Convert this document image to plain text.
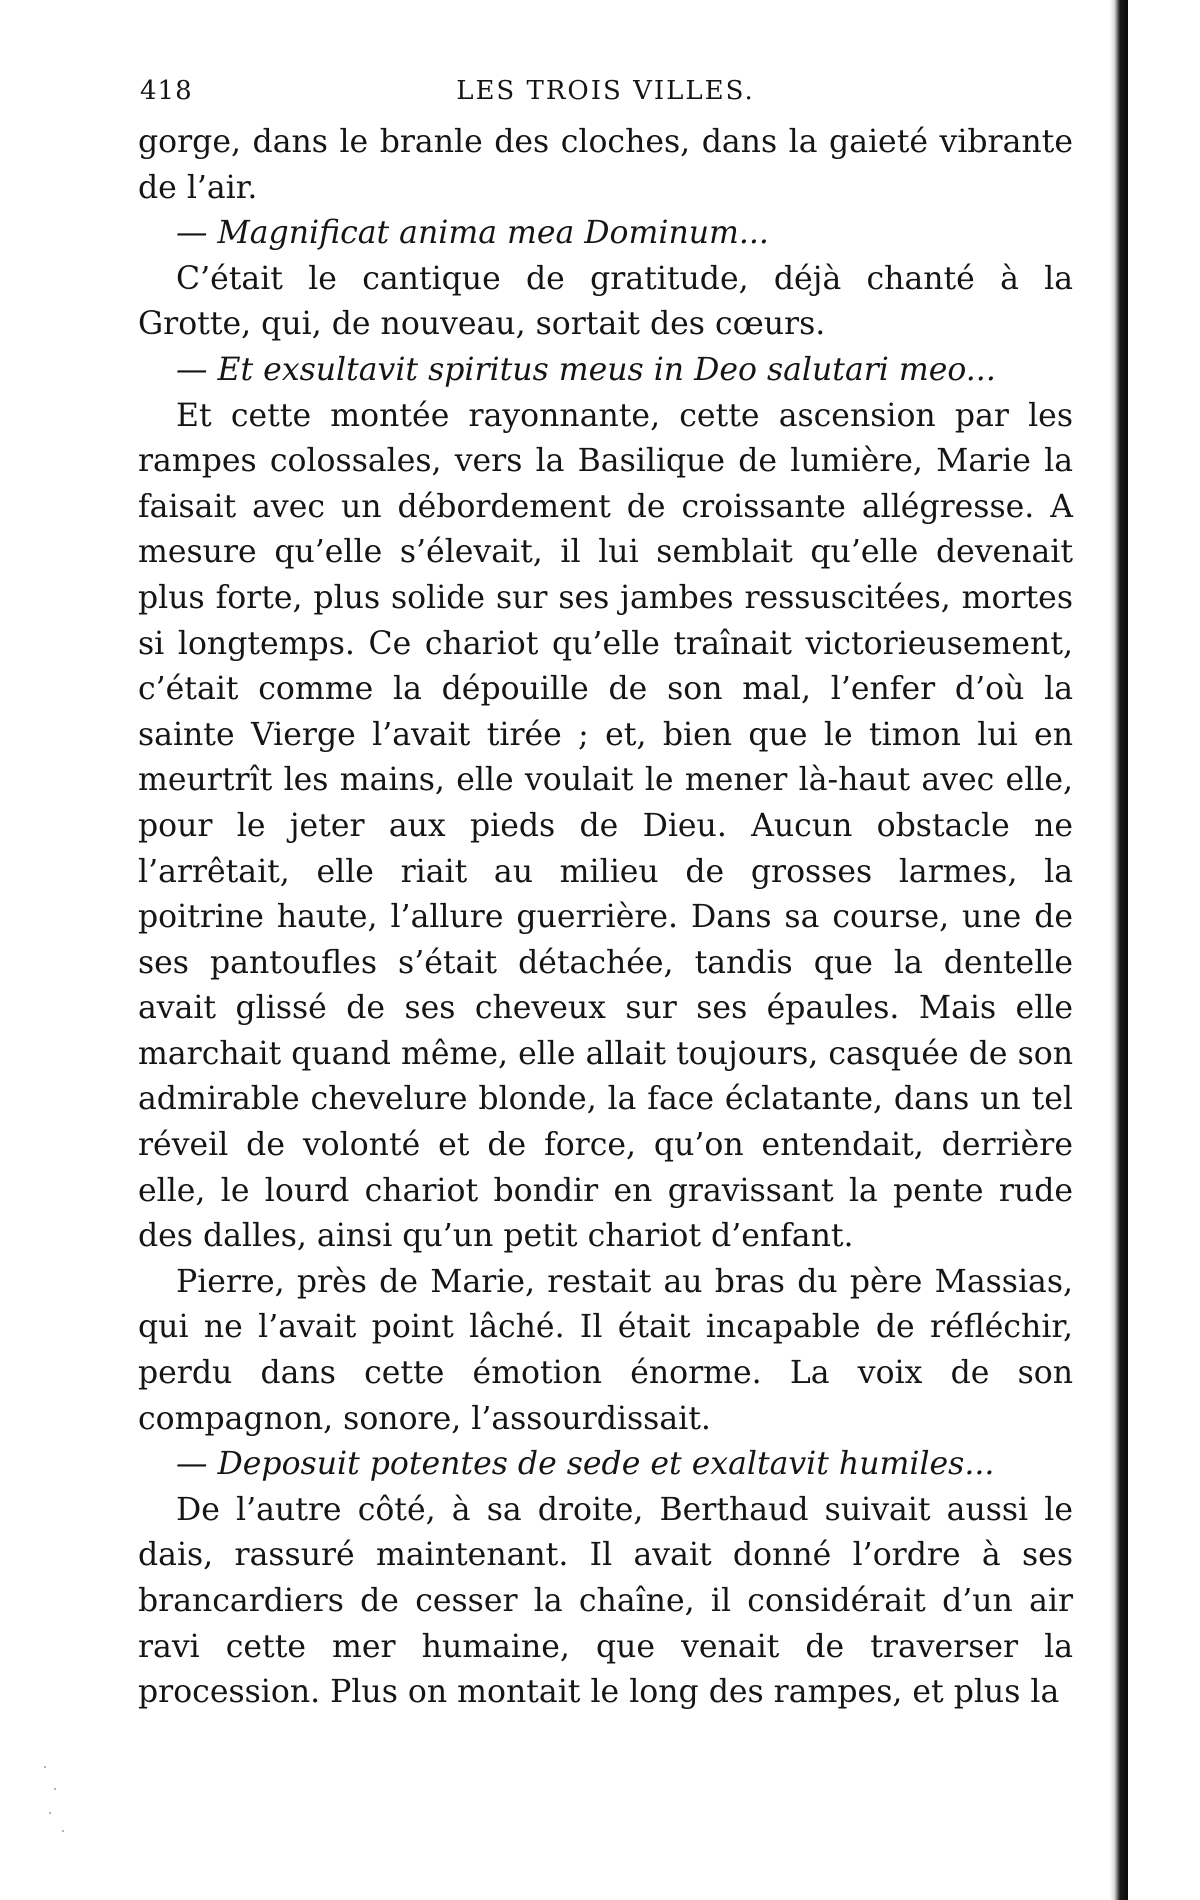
418	LES TROIS VILLES.

gorge, dans le branle des cloches, dans la gaieté vibrante de l’air.

— Magnificat anima mea Dominum...

C’était le cantique de gratitude, déjà chanté à la Grotte, qui, de nouveau, sortait des cœurs.

— Et exsultavit spiritus meus in Deo salutari meo...

Et cette montée rayonnante, cette ascension par les rampes colossales, vers la Basilique de lumière, Marie la faisait avec un débordement de croissante allégresse. A mesure qu’elle s’élevait, il lui semblait qu’elle devenait plus forte, plus solide sur ses jambes ressuscitées, mortes si longtemps. Ce chariot qu’elle traînait victorieusement, c’était comme la dépouille de son mal, l’enfer d’où la sainte Vierge l’avait tirée ; et, bien que le timon lui en meurtrît les mains, elle voulait le mener là-haut avec elle, pour le jeter aux pieds de Dieu. Aucun obstacle ne l’arrêtait, elle riait au milieu de grosses larmes, la poitrine haute, l’allure guerrière. Dans sa course, une de ses pantoufles s’était détachée, tandis que la dentelle avait glissé de ses cheveux sur ses épaules. Mais elle marchait quand même, elle allait toujours, casquée de son admirable chevelure blonde, la face éclatante, dans un tel réveil de volonté et de force, qu’on entendait, derrière elle, le lourd chariot bondir en gravissant la pente rude des dalles, ainsi qu’un petit chariot d’enfant.

Pierre, près de Marie, restait au bras du père Massias, qui ne l’avait point lâché. Il était incapable de réfléchir, perdu dans cette émotion énorme. La voix de son compagnon, sonore, l’assourdissait.

— Deposuit potentes de sede et exaltavit humiles...

De l’autre côté, à sa droite, Berthaud suivait aussi le dais, rassuré maintenant. Il avait donné l’ordre à ses brancardiers de cesser la chaîne, il considérait d’un air ravi cette mer humaine, que venait de traverser la procession. Plus on montait le long des rampes, et plus la
